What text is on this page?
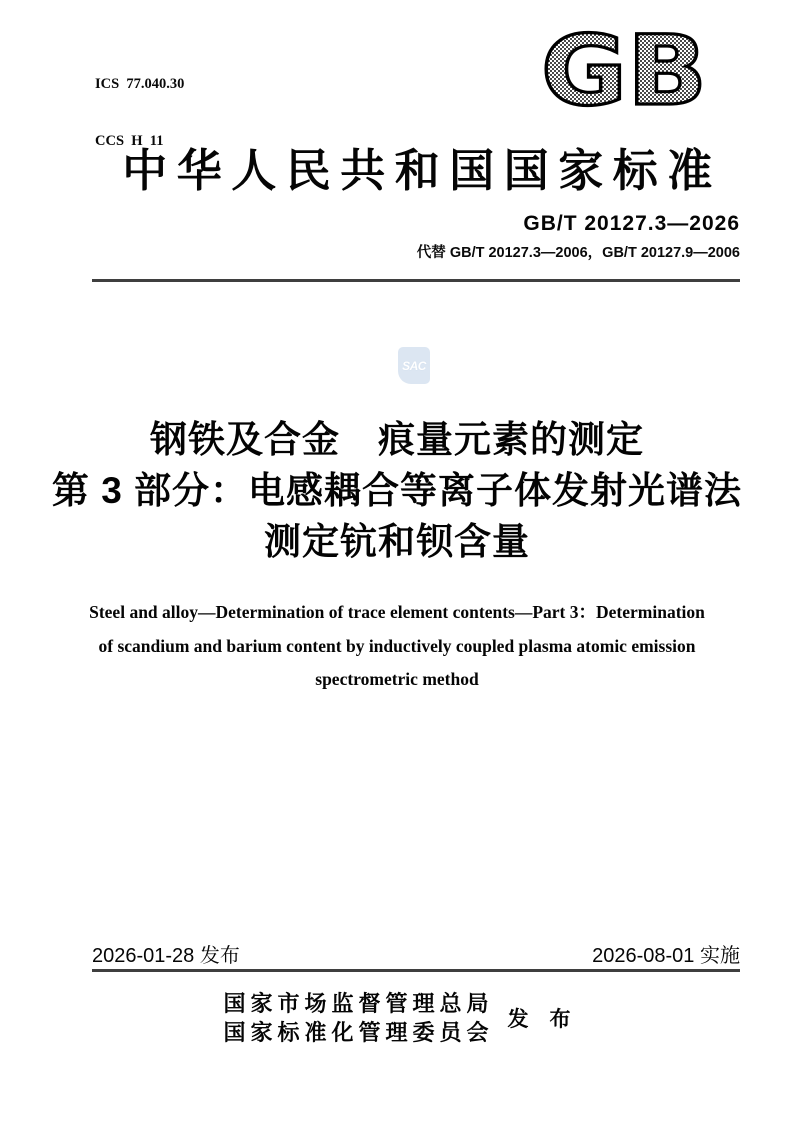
ICS  77.040.30

CCS  H  11

GB
中华人民共和国国家标准
GB/T 20127.3—2026
代替 GB/T 20127.3—2006，GB/T 20127.9—2006
SAC
钢铁及合金　痕量元素的测定
第 3 部分：电感耦合等离子体发射光谱法
测定钪和钡含量
Steel and alloy—Determination of trace element contents—Part 3：Determination
of scandium and barium content by inductively coupled plasma atomic emission
spectrometric method
2026-01-28 发布	2026-08-01 实施
国家市场监督管理总局
国家标准化管理委员会
发　布
